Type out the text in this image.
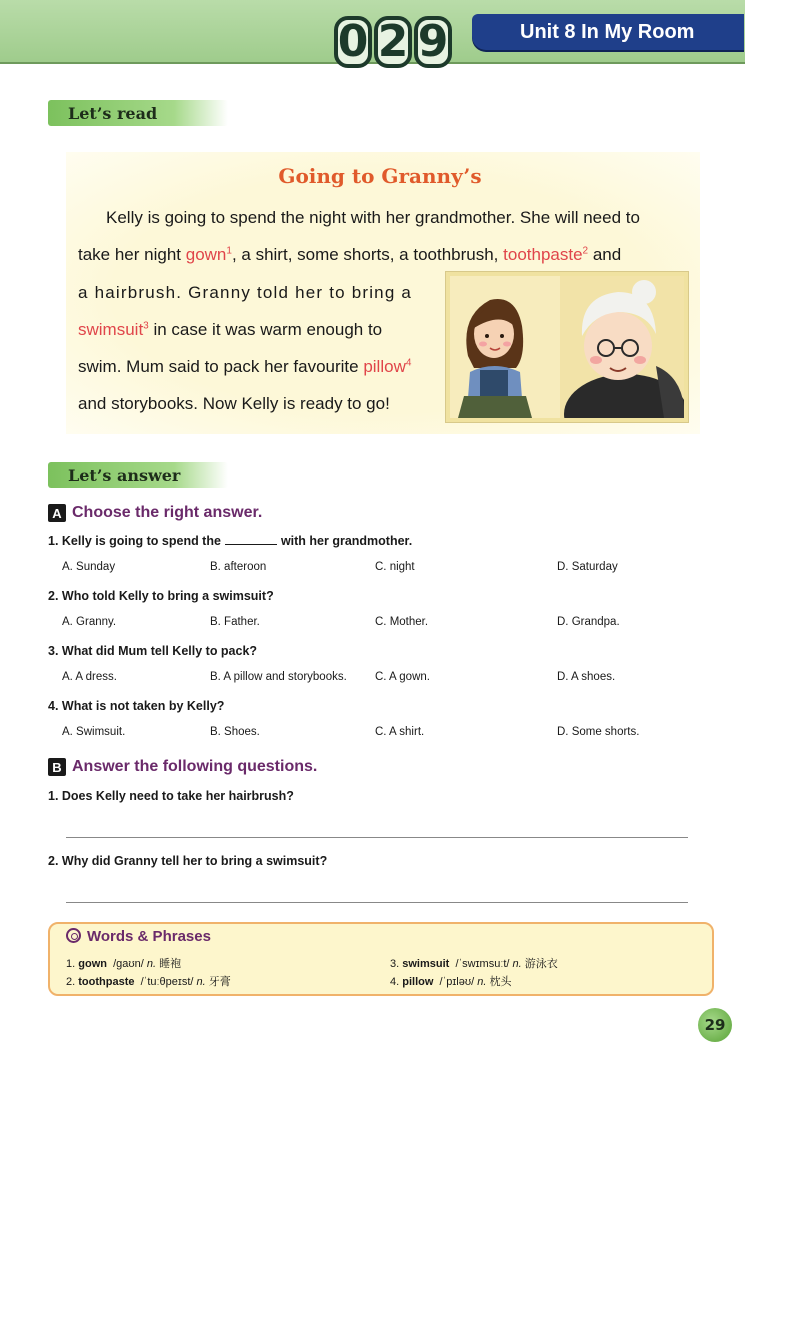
0 2 9	Unit 8 In My Room
Let’s read
Going to Granny’s
Kelly is going to spend the night with her grandmother. She will need to
take her night gown$^1$, a shirt, some shorts, a toothbrush, toothpaste$^2$ and
a hairbrush. Granny told her to bring a
swimsuit$^3$ in case it was warm enough to
swim. Mum said to pack her favourite pillow$^4$
and storybooks. Now Kelly is ready to go!
Let’s answer
A Choose the right answer.
1. Kelly is going to spend the	with her grandmother.
A. Sunday	B. afteroon	C. night	D. Saturday
2. Who told Kelly to bring a swimsuit?
A. Granny.	B. Father.	C. Mother.	D. Grandpa.
3. What did Mum tell Kelly to pack?
A. A dress.	B. A pillow and storybooks. C. A gown.	D. A shoes.
4. What is not taken by Kelly?
A. Swimsuit.	B. Shoes.	C. A shirt.	D. Some shorts.
B Answer the following questions.
1. Does Kelly need to take her hairbrush?
2. Why did Granny tell her to bring a swimsuit?
Words & Phrases
1. gown /gaʊn/ n. 睡袍
2. toothpaste /ˈtuːθpeɪst/ n. 牙膏
3. swimsuit /ˈswɪmsuːt/ n. 游泳衣
4. pillow /ˈpɪləʊ/ n. 枕头
29
